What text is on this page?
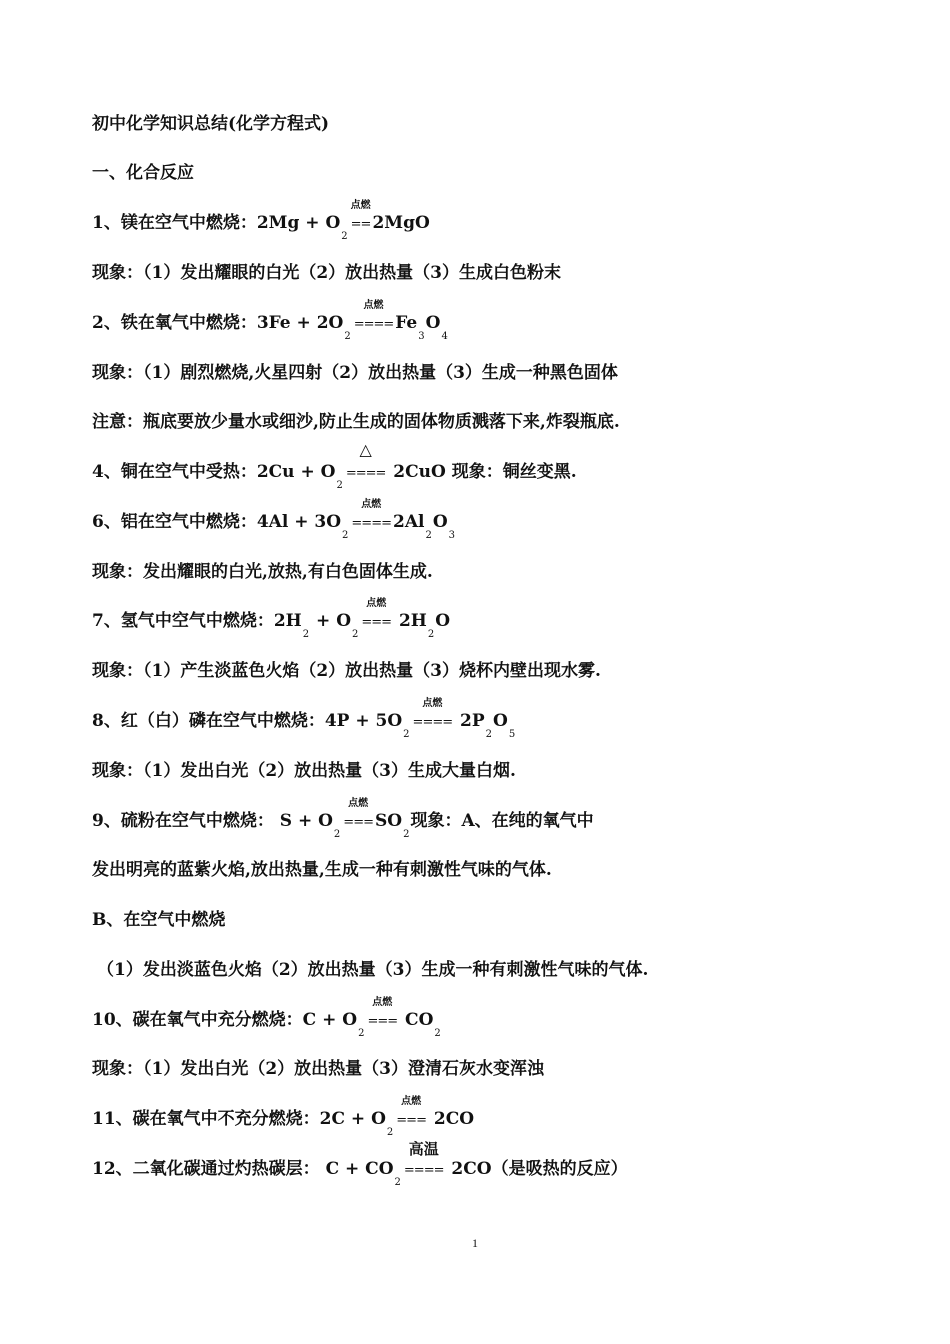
初中化学知识总结(化学方程式)
一、化合反应
1、镁在空气中燃烧：2Mg + O2
点燃
== 2MgO
现象：（1）发出耀眼的白光（2）放出热量（3）生成白色粉末
2、铁在氧气中燃烧：3Fe + 2O2
点燃
==== Fe3O4
现象：（1）剧烈燃烧,火星四射（2）放出热量（3）生成一种黑色固体
注意：瓶底要放少量水或细沙,防止生成的固体物质溅落下来,炸裂瓶底.
4、铜在空气中受热：2Cu + O2
△
==== 2CuO 现象：铜丝变黑.
6、铝在空气中燃烧：4Al + 3O2
点燃
==== 2Al2O3
现象：发出耀眼的白光,放热,有白色固体生成.
7、氢气中空气中燃烧：2H2 + O2
点燃
=== 2H2O
现象：（1）产生淡蓝色火焰（2）放出热量（3）烧杯内壁出现水雾.
8、红（白）磷在空气中燃烧：4P + 5O2
点燃
==== 2P2O5
现象：（1）发出白光（2）放出热量（3）生成大量白烟.
9、硫粉在空气中燃烧： S + O2
点燃
=== SO2现象：A、在纯的氧气中
发出明亮的蓝紫火焰,放出热量,生成一种有刺激性气味的气体.
B、在空气中燃烧
（1）发出淡蓝色火焰（2）放出热量（3）生成一种有刺激性气味的气体.
10、碳在氧气中充分燃烧：C + O2
点燃
=== CO2
现象：（1）发出白光（2）放出热量（3）澄清石灰水变浑浊
11、碳在氧气中不充分燃烧：2C + O2
点燃
=== 2CO
12、二氧化碳通过灼热碳层： C + CO2
高温
==== 2CO（是吸热的反应）
1
